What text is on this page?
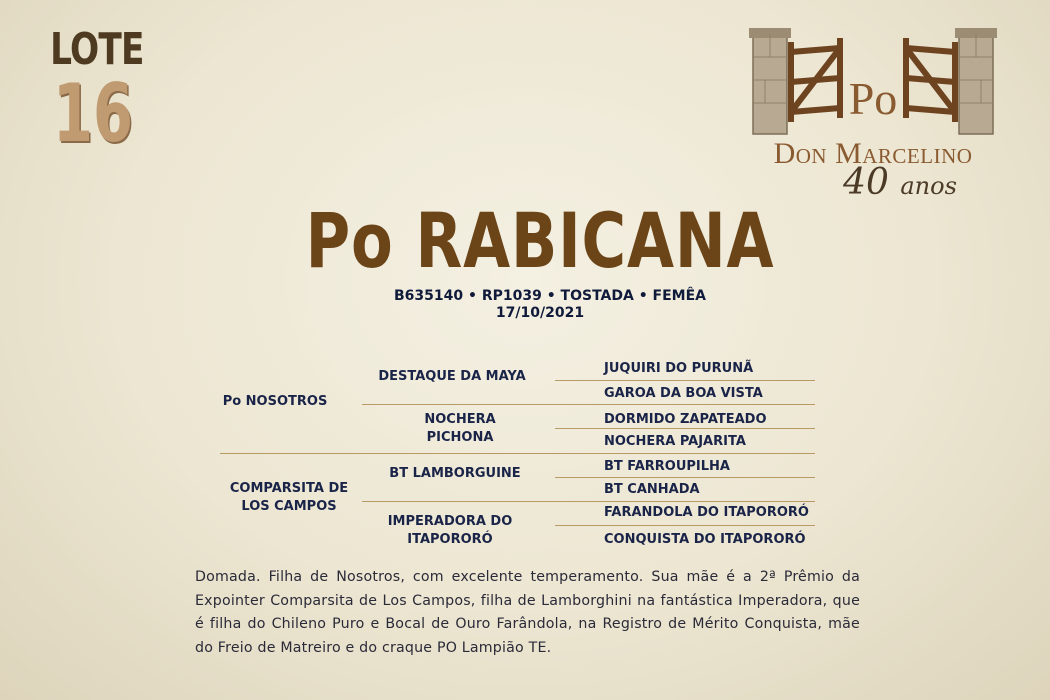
LOTE
16	Po
Don Marcelino
40 anos
Po RABICANA
B635140 • RP1039 • TOSTADA • FEMÊA
17/10/2021
Po NOSOTROS
COMPARSITA DE LOS CAMPOS
DESTAQUE DA MAYA
NOCHERA PICHONA
BT LAMBORGUINE
IMPERADORA DO ITAPORORÓ
JUQUIRI DO PURUNÃ
GAROA DA BOA VISTA
DORMIDO ZAPATEADO
NOCHERA PAJARITA
BT FARROUPILHA
BT CANHADA
FARANDOLA DO ITAPORORÓ
CONQUISTA DO ITAPORORÓ
Domada. Filha de Nosotros, com excelente temperamento. Sua mãe é a 2ª Prêmio da Expointer Comparsita de Los Campos, filha de Lamborghini na fantástica Imperadora, que é filha do Chileno Puro e Bocal de Ouro Farândola, na Registro de Mérito Conquista, mãe do Freio de Matreiro e do craque PO Lampião TE.
